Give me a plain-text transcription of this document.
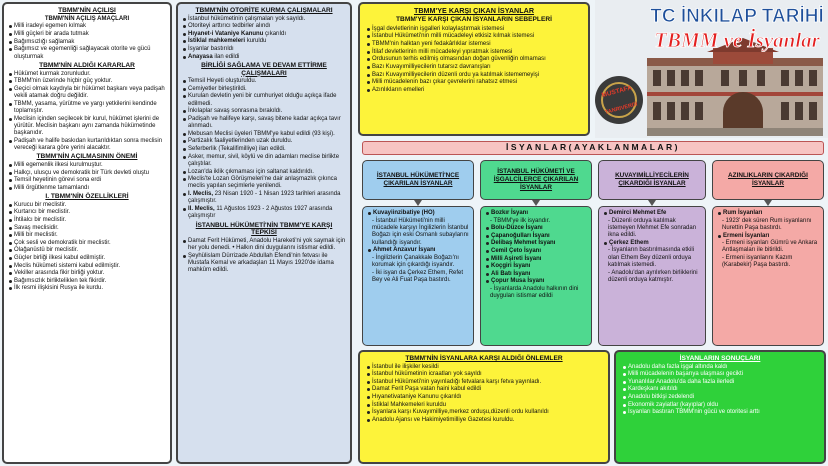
TBMM'NİN AÇILIŞI
TBMM'NİN AÇILIŞ AMAÇLARI
Milli iradeyi egemen kılmak
Milli güçleri bir arada tutmak
Bağımsızlığı sağlamak
Bağımsız ve egemenliği sağlayacak otorite ve gücü oluşturmak
TBMM'NİN ALDIĞI KARARLAR
Hükümet kurmak zorunludur.
TBMM'nin üzerinde hiçbir güç yoktur.
Geçici olmak kaydıyla bir hükümet başkanı veya padişah vekili atamak doğru değildir.
TBMM, yasama, yürütme ve yargı yetkilerini kendinde toplamıştır.
Meclisin içinden seçilecek bir kurul, hükümet işlerini de yürütür. Meclisin başkanı aynı zamanda hükümetinde başkanıdır.
Padişah ve halife baskıdan kurtarıldıktan sonra meclisin vereceği karara göre yerini alacaktır.
TBMM'NİN AÇILMASININ ÖNEMİ
Milli egemenlik ilkesi kurulmuştur.
Halkçı, ulusçu ve demokratik bir Türk devleti oluştu
Temsil heyetinin görevi sona erdi
Milli örgütlenme tamamlandı
I. TBMM'NİN ÖZELLİKLERİ
Kurucu bir meclistir.
Kurtarıcı bir meclistir.
İhtilalcı bir meclistir.
Savaş meclisidir.
Milli bir meclistir.
Çok sesli ve demokratik bir meclistir.
Olağanüstü bir meclistir.
Güçler birliği ilkesi kabul edilmiştir.
Meclis hükümeti sistemi kabul edilmiştir.
Vekiller arasında fikir birliği yoktur.
Bağımsızlık birlikteliklen tek fikirdir.
İlk resmi ilişkisini Rusya ile kurdu.
TBMM'NİN OTORİTE KURMA ÇALIŞMALARI
İstanbul hükümetinin çalışmaları yok sayıldı.
Otoriteyi arttırıcı tedbirler alındı
Hıyanet-i Vataniye Kanunu çıkarıldı
İstiklal mahkemeleri kuruldu
İsyanlar bastırıldı
Anayasa ilan edildi
BİRLİĞİ SAĞLAMA VE DEVAM ETTİRME ÇALIŞMALARI
Temsil Heyeti oluşturuldu.
Cemiyetler birleştirildi.
Kurulan devletin yeni bir cumhuriyet olduğu açıkça ifade edilmedi.
İnkılaplar savaş sonrasına bırakıldı.
Padişah ve halifeye karşı, savaş bitene kadar açıkça tavır alınmadı.
Mebusan Meclisi üyeleri TBMM'ye kabul edildi (93 kişi).
Partizalık faaliyetlerinden uzak duruldu.
Seferberlik (Tekalifimilliye) ilan edildi.
Asker, memur, sivil, köylü ve din adamları meclise birlikte çalıştılar.
Lozan'da iklik çıkmaması için saltanat kaldırıldı.
Meclis'te Lozan Görüşmeleri'ne dair anlaşmazlık çıkınca meclis yapılan seçimlerle yenilendi.
I. Meclis, 23 Nisan 1920 - 1 Nisan 1923 tarihleri arasında çalışmıştır.
II. Meclis, 11 Ağustos 1923 - 2 Ağustos 1927 arasında çalışmıştır
İSTANBUL HÜKÜMETİ'NİN TBMM'YE KARŞI TEPKİSİ
Damat Ferit Hükümeti, Anadolu Hareketi'ni yok saymak için her yolu denedi. • Halkın dini duygularını istismar edildi.
Şeyhülislam Dürrizade Abdullah Efendi'nin fetvası ile Mustafa Kemal ve arkadaşları 11 Mayıs 1920'de idama mahkûm edildi.
TBMM'YE KARŞI ÇIKAN İSYANLAR
TBMM'YE KARŞI ÇIKAN İSYANLARIN SEBEPLERİ
İşgal devletlerinin işgalleri kolaylaştırmak istemesi
İstanbul Hükümeti'nin milli mücadeleyi etkisiz kılmak istemesi
TBMM'nin halktan yeni fedakârlıklar istemesi
İtilaf devletlerinin milli mücadeleyi yıpratmak istemesi
Ordusunun terhis edilmiş olmasından doğan güvenliğin olmaması
Bazı Kuvayımilliyecilerin tutarsız davranışları
Bazı Kuvayımilliyecilerin düzenli ordu ya katılmak istememeyişi
Milli mücadelenin bazı çıkar çevrelerini rahatsız etmesi
Azınlıkların emelleri	MUSTAFA
TANRIVERDİ
TC İNKILAP TARİHİ
TBMM ve İsyanlar
İSYANLAR(AYAKLANMALAR)
İSTANBUL HÜKÜMETİ'NCE ÇIKARILAN İSYANLAR
Kuvayiinzibatiye (HO)
- İstanbul Hükümeti'nin milli mücadele karşıyı İngilizlerin İstanbul Boğazı için eski Osmanlı subaylarını kullandığı isyandır.
Ahmet Anzavur İsyanı
- İngilizlerin Çanakkale Boğazı'nı korumak için çıkardığı isyandır.
- İki isyan da Çerkez Ethem, Refet Bey ve Ali Fuat Paşa bastırdı.
İSTANBUL HÜKÜMETİ VE İŞGALCİLERCE ÇIKARILAN İSYANLAR
Bozkır İsyanı
- TBMM'ye ilk isyandır.
Bolu-Düzce İsyanı
Çapanoğulları İsyanı
Delibaş Mehmet İsyanı
Cemil Çeto İsyanı
Milli Aşireti İsyanı
Koçgiri İsyanı
Ali Batı İsyanı
Çopur Musa İsyanı
- İsyanlarda Anadolu halkının dini duyguları istismar edildi
KUVAYIMİLLİYECİLERİN ÇIKARDIĞI İSYANLAR
Demirci Mehmet Efe
- Düzenli orduya katılmak istemeyen Mehmet Efe sonradan ikna edildi.
Çerkez Ethem
- İsyanların bastırılmasında etkili olan Ethem Bey düzenli orduya katılmak istemedi.
- Anadolu'dan ayrılırken birliklerini düzenli orduya katmıştır.
AZINLIKLARIN ÇIKARDIĞI İSYANLAR
Rum İsyanları
- 1923' dek süren Rum isyanlarını Nurettin Paşa bastırdı.
Ermeni İsyanları
- Ermeni isyanları Gümrü ve Ankara Antlaşmaları ile bitirildi.
- Ermeni isyanlarını Kazım (Karabekir) Paşa bastırdı.
TBMM'NİN İSYANLARA KARŞI ALDIĞI ÖNLEMLER
İstanbul ile ilişkiler kesildi
İstanbul hükümetinin icraatları yok sayıldı
İstanbul Hükümeti'nin yayınladığı fetvalara karşı fetva yayınladı.
Damat Ferit Paşa vatan haini kabul edildi
Hıyanetivataniye Kanunu çıkarıldı
İstiklal Mahkemeleri kuruldu
İsyanlara karşı Kuvayımilliye,merkez orduşu,düzenli ordu kullanıldı
Anadolu Ajansı ve Hakimiyetimilliye Gazetesi kuruldu.
İSYANLARIN SONUÇLARI
Anadolu daha fazla işgal altında kaldı
Milli mücadelenin başarıya ulaşması gecikti
Yunanlılar Anadolu'da daha fazla ilerledi
Kardeşkanı akıtıldı
Anadolu bitkişi zedelendi
Ekonomik zayiatlar (kayıplar) oldu
İsyanları bastıran TBMM'nin gücü ve otoritesi arttı
